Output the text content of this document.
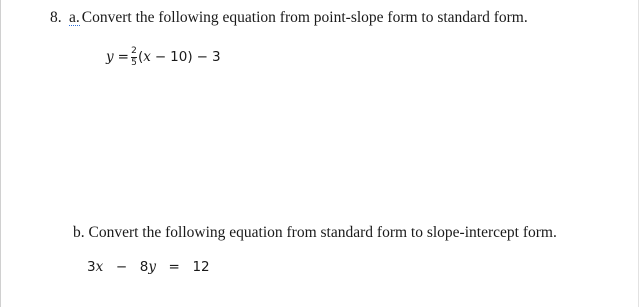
8. a. Convert the following equation from point-slope form to standard form.
$y = \frac{2}{5}$ ( x − 10) − 3
b. Convert the following equation from standard form to slope-intercept form.
3x − 8y = 12
